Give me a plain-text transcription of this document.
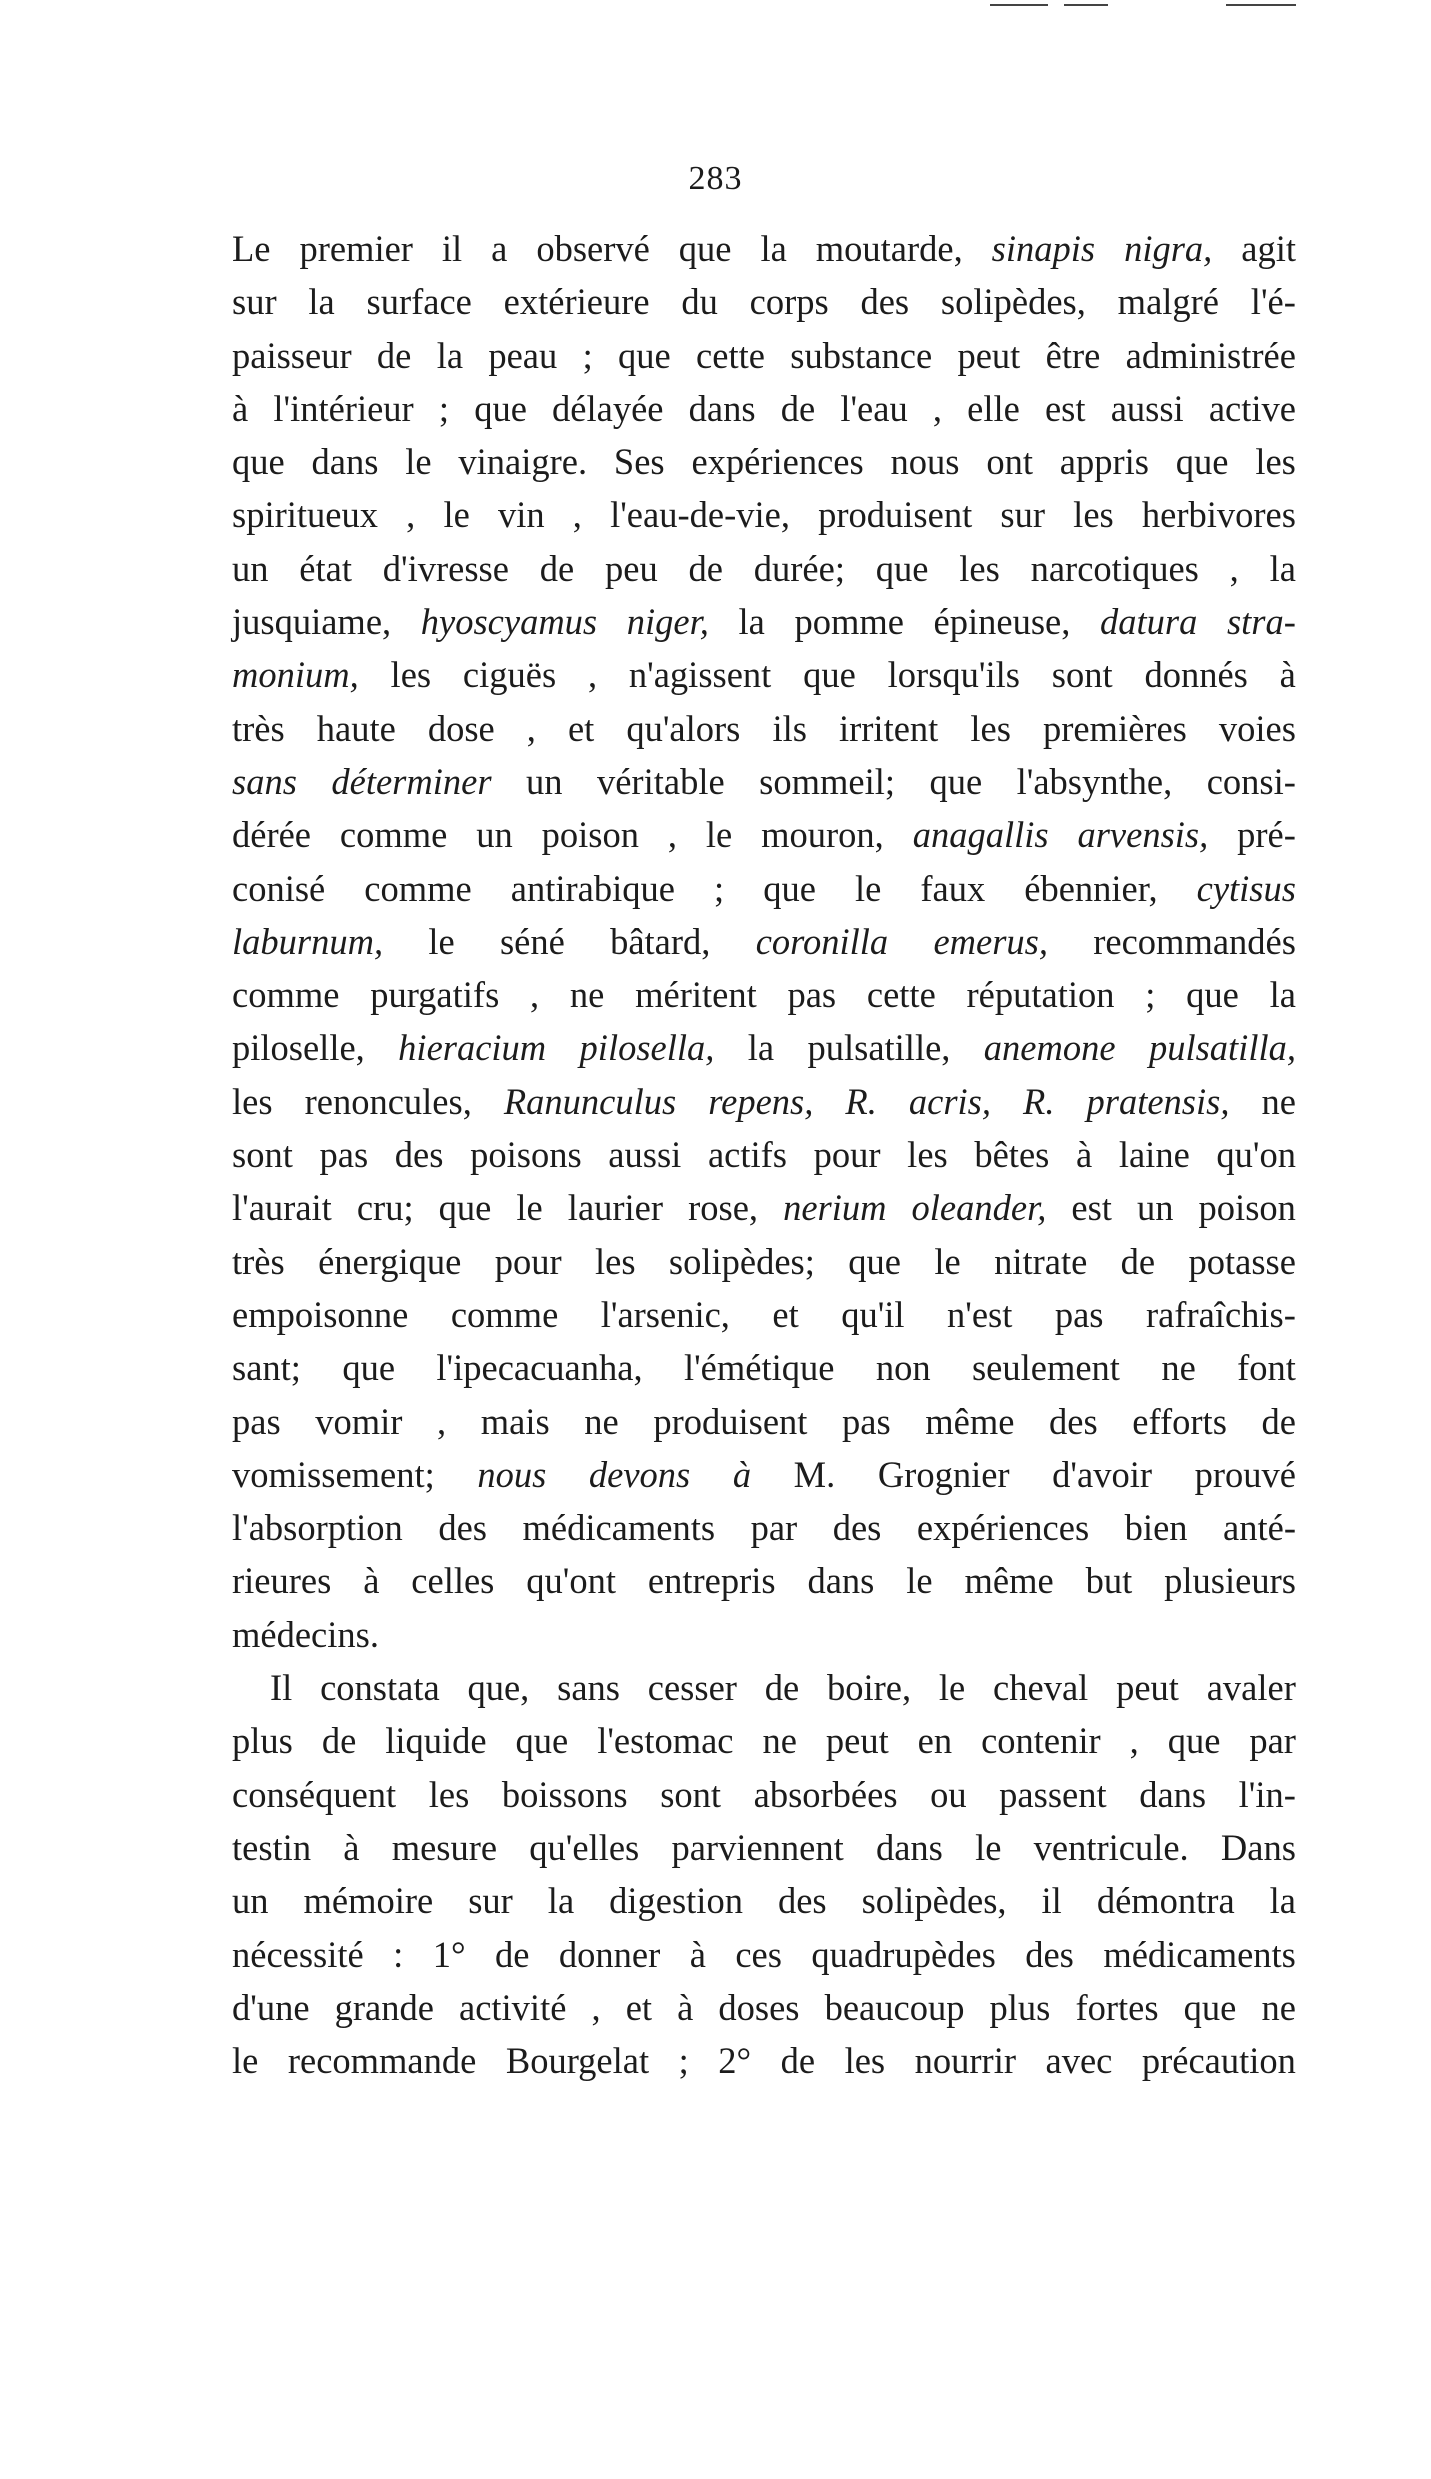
283
Le premier il a observé que la moutarde, sinapis nigra, agit
sur la surface extérieure du corps des solipèdes, malgré l'é-
paisseur de la peau ; que cette substance peut être administrée
à l'intérieur ; que délayée dans de l'eau , elle est aussi active
que dans le vinaigre. Ses expériences nous ont appris que les
spiritueux , le vin , l'eau-de-vie, produisent sur les herbivores
un état d'ivresse de peu de durée; que les narcotiques , la
jusquiame, hyoscyamus niger, la pomme épineuse, datura stra-
monium, les ciguës , n'agissent que lorsqu'ils sont donnés à
très haute dose , et qu'alors ils irritent les premières voies
sans déterminer un véritable sommeil; que l'absynthe, consi-
dérée comme un poison , le mouron, anagallis arvensis, pré-
conisé comme antirabique ; que le faux ébennier, cytisus
laburnum, le séné bâtard, coronilla emerus, recommandés
comme purgatifs , ne méritent pas cette réputation ; que la
piloselle, hieracium pilosella, la pulsatille, anemone pulsatilla,
les renoncules, Ranunculus repens, R. acris, R. pratensis, ne
sont pas des poisons aussi actifs pour les bêtes à laine qu'on
l'aurait cru; que le laurier rose, nerium oleander, est un poison
très énergique pour les solipèdes; que le nitrate de potasse
empoisonne comme l'arsenic, et qu'il n'est pas rafraîchis-
sant; que l'ipecacuanha, l'émétique non seulement ne font
pas vomir , mais ne produisent pas même des efforts de
vomissement; nous devons à M. Grognier d'avoir prouvé
l'absorption des médicaments par des expériences bien anté-
rieures à celles qu'ont entrepris dans le même but plusieurs
médecins.
Il constata que, sans cesser de boire, le cheval peut avaler
plus de liquide que l'estomac ne peut en contenir , que par
conséquent les boissons sont absorbées ou passent dans l'in-
testin à mesure qu'elles parviennent dans le ventricule. Dans
un mémoire sur la digestion des solipèdes, il démontra la
nécessité : 1° de donner à ces quadrupèdes des médicaments
d'une grande activité , et à doses beaucoup plus fortes que ne
le recommande Bourgelat ; 2° de les nourrir avec précaution
